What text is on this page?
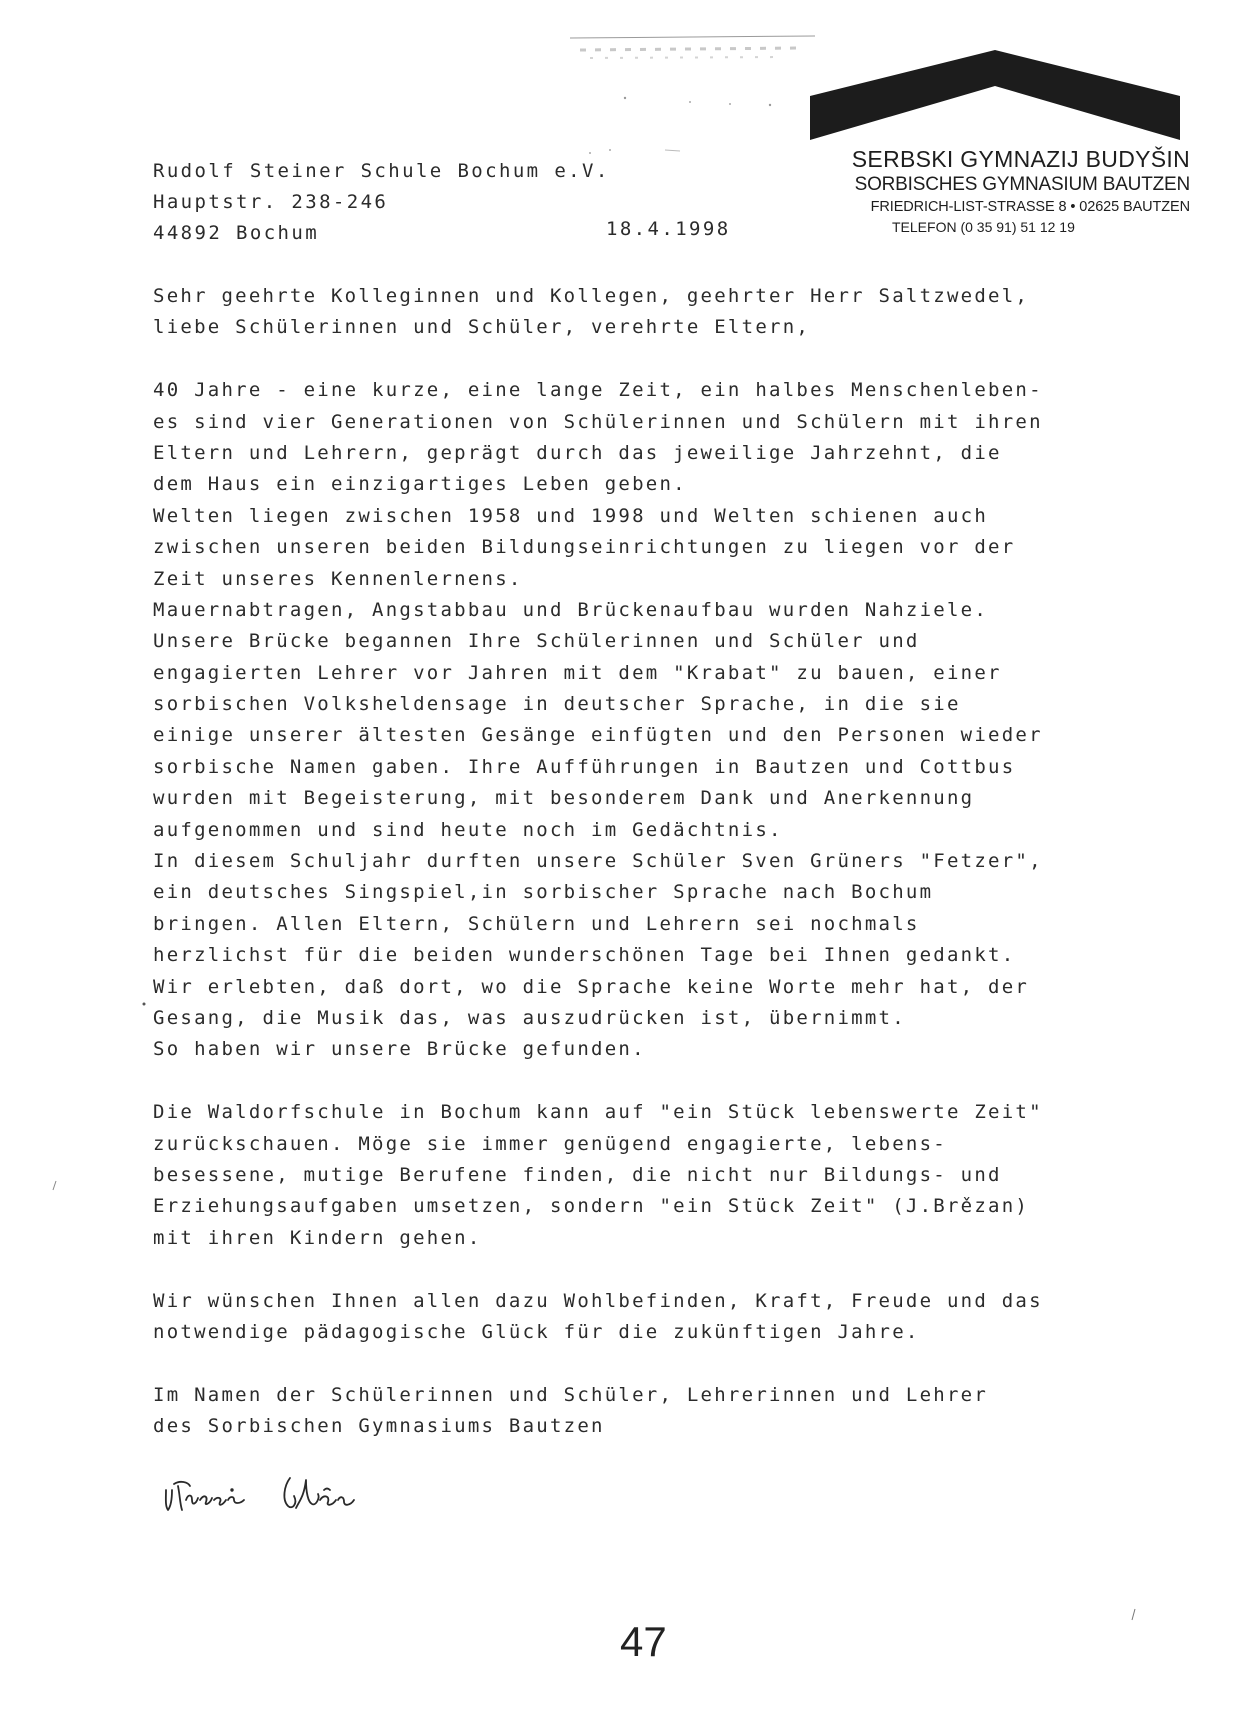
SERBSKI GYMNAZIJ BUDYŠIN
SORBISCHES GYMNASIUM BAUTZEN
FRIEDRICH-LIST-STRASSE 8 • 02625 BAUTZEN
TELEFON (0 35 91) 51 12 19
Rudolf Steiner Schule Bochum e.V.
Hauptstr. 238-246
44892 Bochum	18.4.1998
Sehr geehrte Kolleginnen und Kollegen, geehrter Herr Saltzwedel,
liebe Schülerinnen und Schüler, verehrte Eltern,
40 Jahre - eine kurze, eine lange Zeit, ein halbes Menschenleben-
es sind vier Generationen von Schülerinnen und Schülern mit ihren
Eltern und Lehrern, geprägt durch das jeweilige Jahrzehnt, die
dem Haus ein einzigartiges Leben geben.
Welten liegen zwischen 1958 und 1998 und Welten schienen auch
zwischen unseren beiden Bildungseinrichtungen zu liegen vor der
Zeit unseres Kennenlernens.
Mauernabtragen, Angstabbau und Brückenaufbau wurden Nahziele.
Unsere Brücke begannen Ihre Schülerinnen und Schüler und
engagierten Lehrer vor Jahren mit dem "Krabat" zu bauen, einer
sorbischen Volksheldensage in deutscher Sprache, in die sie
einige unserer ältesten Gesänge einfügten und den Personen wieder
sorbische Namen gaben. Ihre Aufführungen in Bautzen und Cottbus
wurden mit Begeisterung, mit besonderem Dank und Anerkennung
aufgenommen und sind heute noch im Gedächtnis.
In diesem Schuljahr durften unsere Schüler Sven Grüners "Fetzer",
ein deutsches Singspiel,in sorbischer Sprache nach Bochum
bringen. Allen Eltern, Schülern und Lehrern sei nochmals
herzlichst für die beiden wunderschönen Tage bei Ihnen gedankt.
Wir erlebten, daß dort, wo die Sprache keine Worte mehr hat, der
Gesang, die Musik das, was auszudrücken ist, übernimmt.
So haben wir unsere Brücke gefunden.
Die Waldorfschule in Bochum kann auf "ein Stück lebenswerte Zeit"
zurückschauen. Möge sie immer genügend engagierte, lebens-
besessene, mutige Berufene finden, die nicht nur Bildungs- und
Erziehungsaufgaben umsetzen, sondern "ein Stück Zeit" (J.Brězan)
mit ihren Kindern gehen.
Wir wünschen Ihnen allen dazu Wohlbefinden, Kraft, Freude und das
notwendige pädagogische Glück für die zukünftigen Jahre.
Im Namen der Schülerinnen und Schüler, Lehrerinnen und Lehrer
des Sorbischen Gymnasiums Bautzen
47
